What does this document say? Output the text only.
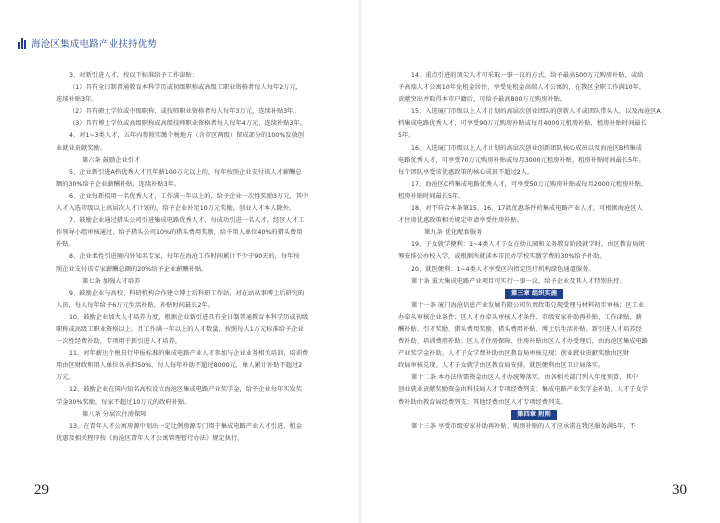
海沧区集成电路产业扶持优势
3、对新引进人才，按以下标准给予工作津贴：
（1）具有全日制普通教育本科学历或初级职称或高级工职业资格者每人每年2万元，
连续补贴3年。
（2）具有硕士学位或中级职称、或技师职业资格者每人每年3万元，连续补贴3年。
（3）具有博士学位或高级职称或高级技师职业资格者每人每年4万元，连续补贴3年。
4、对1~3类人才，五年内参照实缴个税地方（含市区两级）留成部分的100%发放创
业就业贡献奖励。
第六条 鼓励企业引才
5、企业新引进A档优秀人才且年薪100万元以上的，每年按照企业支付该人才薪酬总
额的30%给予企业薪酬补贴，连续补贴3年。
6、企业每新招用一名优秀人才，工作满一年以上的，给予企业一次性奖励3万元，其中
人才入选市级以上高层次人才计划的，给予企业补足10万元奖励，创业人才本人除外。
7、鼓励企业通过猎头公司引进集成电路优秀人才，每成功引进一名人才，经区人才工
作领导小组审核通过，给予猎头公司10%的猎头费用奖励，给予用人单位40%的猎头费用
补贴。
8、企业柔性引进境内外知名专家，每年在海沧工作时间累计不少于90天的，每年按
照企业支付该专家薪酬总额的20%给予企业薪酬补贴。
第七条 加强人才培养
9、鼓励企业与高校、科研机构合作建立博士后科研工作站，对在站从事博士后研究的
人员，每人每年给予6万元生活补贴，补贴时间最长2年。
10、鼓励企业加大人才培养力度，根据企业新引进具有全日制普通教育本科学历或初级
职称或高级工职业资格以上，且工作满一年以上的人才数量，按照每人1万元标准给予企业
一次性经费补助，专项用于新引进人才培养。
11、对年薪达个税自行申报标准的集成电路产业人才参加与企业业务相关培训，培训费
用由区财政和用人单位各承担50%，每人每年补助不超过8000元，单人累计补助不超过2
万元。
12、鼓励企业在国内知名高校设立海沧区集成电路产业奖学金，给予企业每年实发奖
学金30%奖励，每家不超过10万元的政府补贴。
第八条 分层次住房保障
13、在青年人才公寓房源中划出一定比例房源专门用于集成电路产业人才引进，租金
优惠及相关程序按《海沧区青年人才公寓管理暂行办法》规定执行。
14、重点引进的顶尖人才可采取一事一议的方式，给予最高500万元购房补贴，或给
予高端人才公寓10年免租金居住，享受免租金高端人才公寓的，在我区全职工作满10年，
贡献突出并取得本市户籍后，可给予最高800万元购房补贴。
15、入选厦门市级以上人才计划的高层次创业团队的创新人才或团队带头人，以及海沧区A
档集成电路优秀人才，可享受90万元购房补贴或每月4000元租房补贴，租房补贴时间最长
5年。
16、入选厦门市级以上人才计划的高层次创业创新团队核心成员以及海沧区B档集成
电路优秀人才，可享受70万元购房补贴或每月3000元租房补贴，租房补贴时间最长5年。
每个团队享受该优惠政策的核心成员不超过2人。
17、海沧区C档集成电路优秀人才，可享受50万元购房补贴或每月2000元租房补贴，
租房补贴时间最长5年。
18、对不符合本条第15、16、17款优惠条件的集成电路产业人才，可根据海沧区人
才住房优惠政策相关规定申请享受住房补贴。
第九条 优化配套服务
19、子女就学便利：1~4类人才子女在幼儿园和义务教育阶段就学时，由区教育局统
筹安排公办校入学，或根据所就读本市民办学校实缴学费的30%给予补助。
20、就医便利：1~4类人才享受区内指定医疗机构绿色通道服务。
第十条 重大集成电路产业项目可实行一事一议，给予企业及其人才特别扶持。
第三章 组织实施
第十一条 厦门海沧信息产业发展有限公司负责政策兑现受理与材料初步审核；区工业
办牵头审核企业条件；区人才办牵头审核人才条件、市级安家补助再补贴、工作津贴、薪
酬补贴、引才奖励、猎头费用奖励、猎头费用补贴、博士后生活补贴、新引进人才培养经
费补助、培训费用补助；区人才住房保障、住房补贴由区人才办受理后，由海沧区集成电路
产业奖学金补助。人才子女学费补助由区教育局审核兑现；创业就业贡献奖励由区财
政局审核兑现。人才子女就学由区教育局安排，就医便利由区卫计局落实。
第十二条 本办法所需资金由区人才办统筹落实，由各相关部门列入年度预算，其中
创业就业贡献奖励资金由科技局人才专项经费列支；集成电路产业奖学金补助、人才子女学
费补助由教育局经费列支；其他经费由区人才专项经费列支。
第四章 附则
第十三条 享受市级安家补助再补贴、购房补贴的人才应承诺在我区服务满5年，不
29	30
